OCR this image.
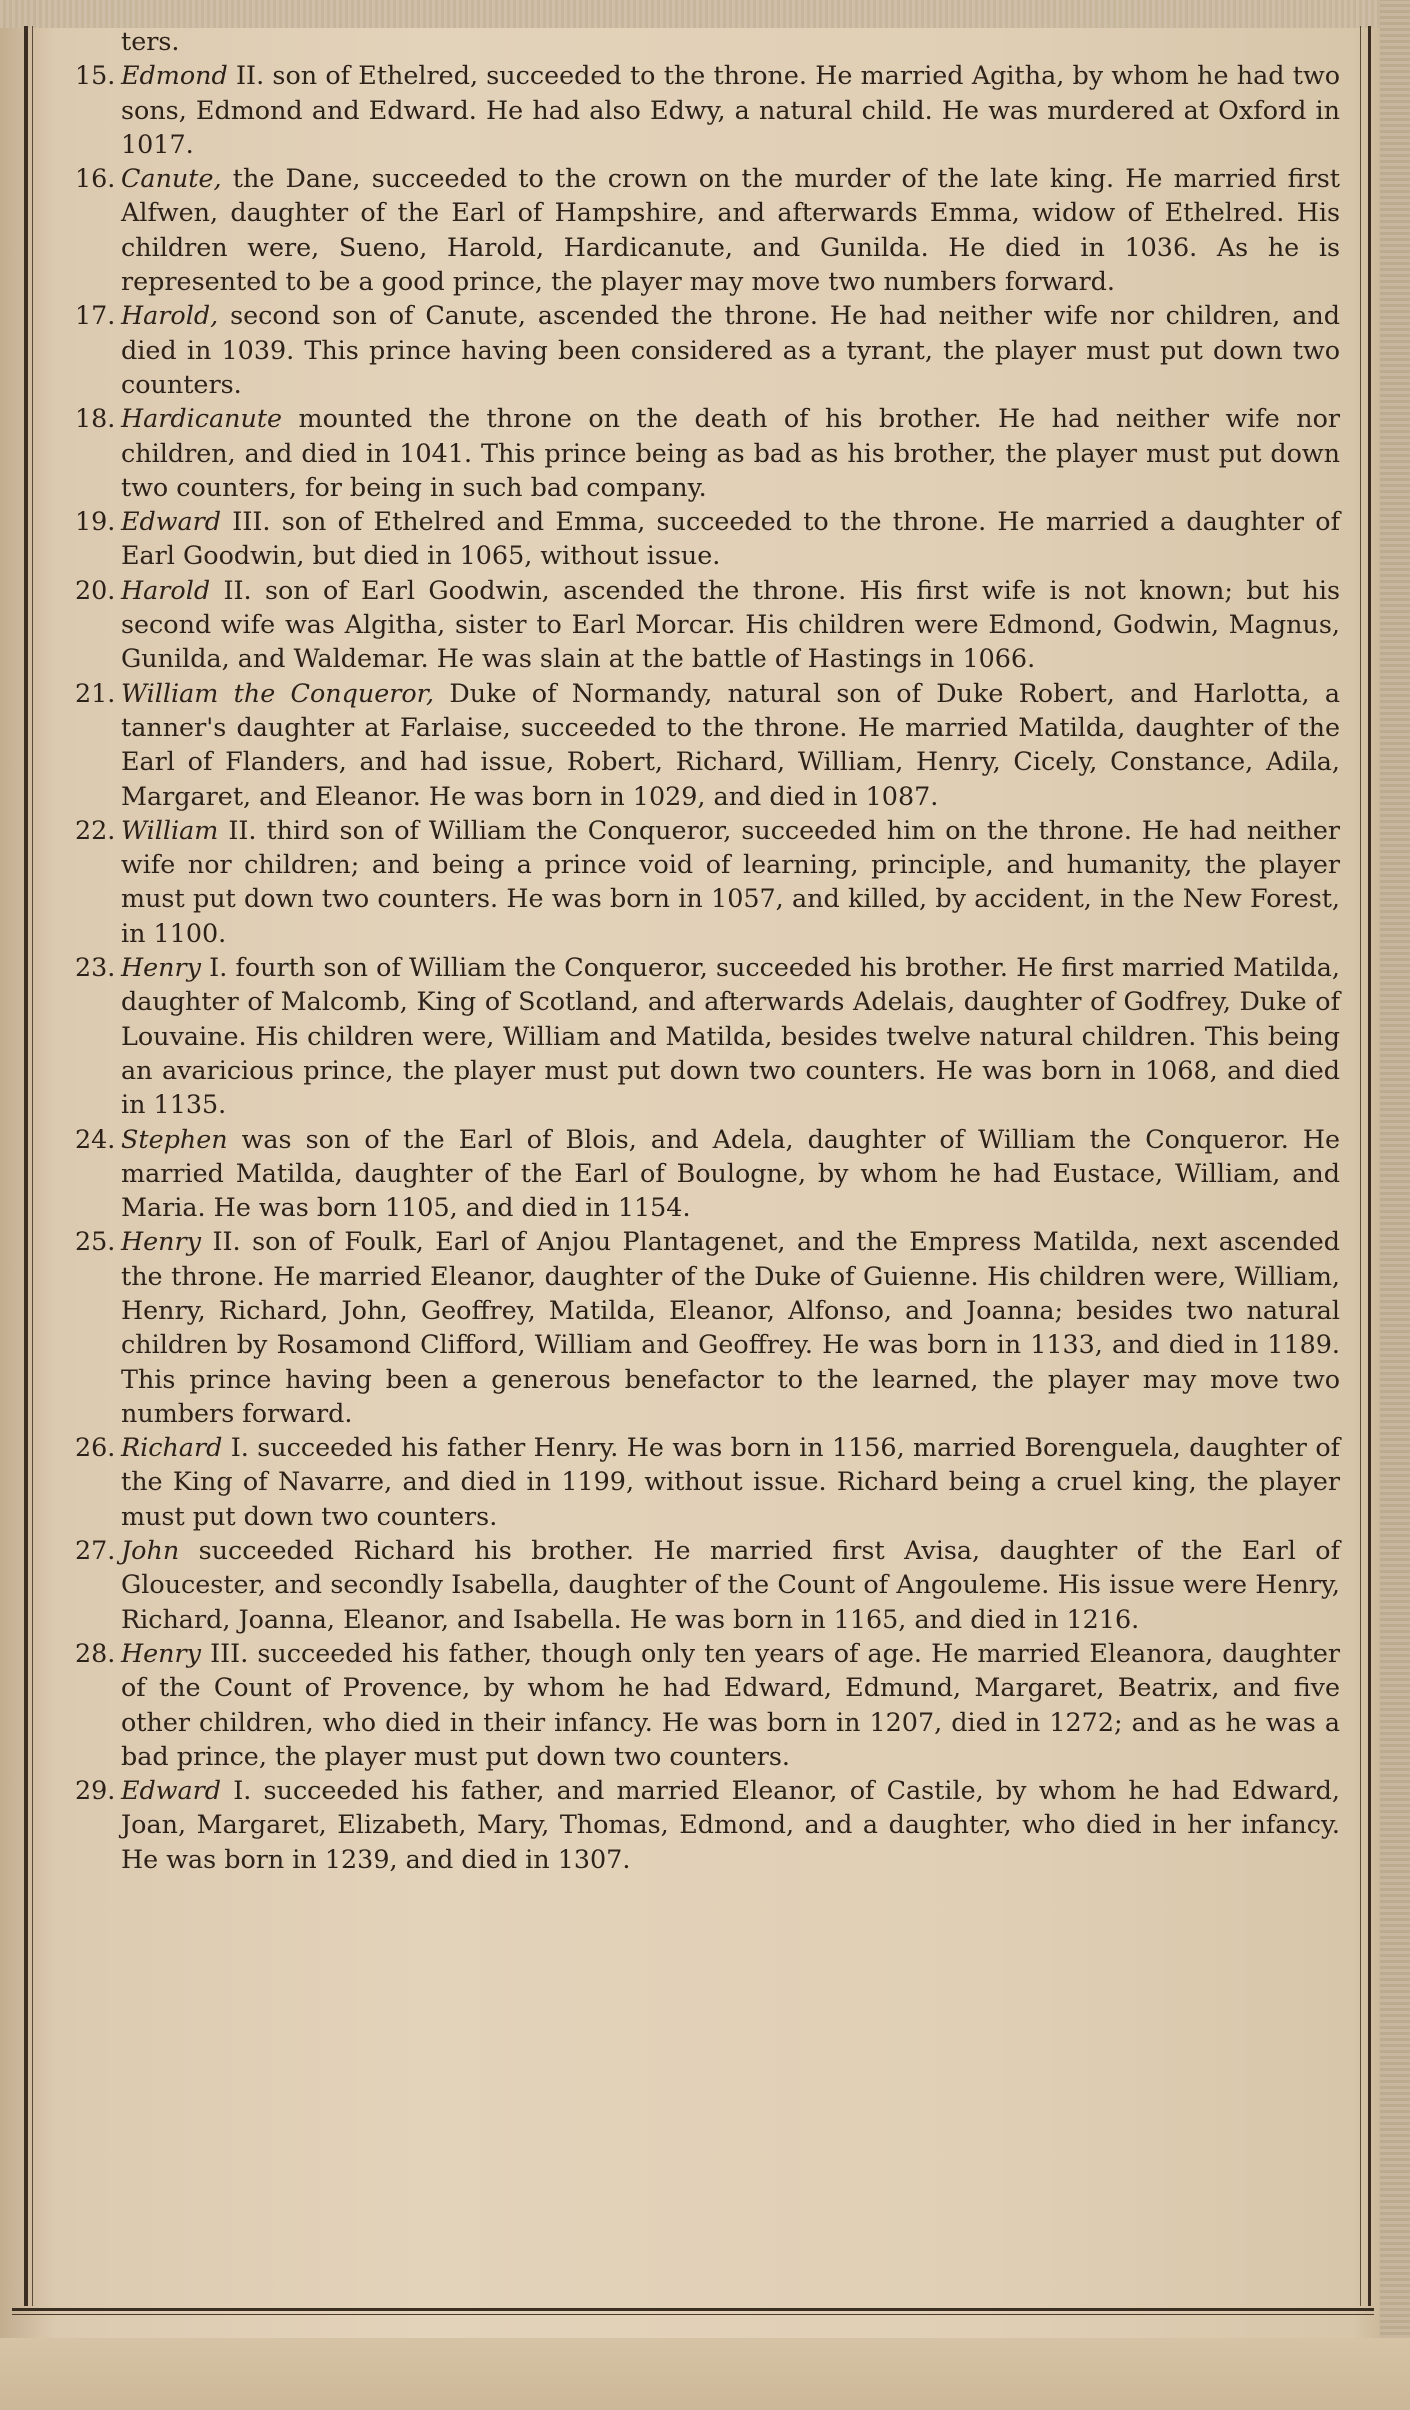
ters.

15. Edmond II. son of Ethelred, succeeded to the throne. He married Agitha, by whom he had two sons, Edmond and Edward. He had also Edwy, a natural child. He was murdered at Oxford in 1017.

16. Canute, the Dane, succeeded to the crown on the murder of the late king. He married first Alfwen, daughter of the Earl of Hampshire, and afterwards Emma, widow of Ethelred. His children were, Sueno, Harold, Hardicanute, and Gunilda. He died in 1036. As he is represented to be a good prince, the player may move two numbers forward.

17. Harold, second son of Canute, ascended the throne. He had neither wife nor children, and died in 1039. This prince having been considered as a tyrant, the player must put down two counters.

18. Hardicanute mounted the throne on the death of his brother. He had neither wife nor children, and died in 1041. This prince being as bad as his brother, the player must put down two counters, for being in such bad company.

19. Edward III. son of Ethelred and Emma, succeeded to the throne. He married a daughter of Earl Goodwin, but died in 1065, without issue.

20. Harold II. son of Earl Goodwin, ascended the throne. His first wife is not known; but his second wife was Algitha, sister to Earl Morcar. His children were Edmond, Godwin, Magnus, Gunilda, and Waldemar. He was slain at the battle of Hastings in 1066.

21. William the Conqueror, Duke of Normandy, natural son of Duke Robert, and Harlotta, a tanner's daughter at Farlaise, succeeded to the throne. He married Matilda, daughter of the Earl of Flanders, and had issue, Robert, Richard, William, Henry, Cicely, Constance, Adila, Margaret, and Eleanor. He was born in 1029, and died in 1087.

22. William II. third son of William the Conqueror, succeeded him on the throne. He had neither wife nor children; and being a prince void of learning, principle, and humanity, the player must put down two counters. He was born in 1057, and killed, by accident, in the New Forest, in 1100.

23. Henry I. fourth son of William the Conqueror, succeeded his brother. He first married Matilda, daughter of Malcomb, King of Scotland, and afterwards Adelais, daughter of Godfrey, Duke of Louvaine. His children were, William and Matilda, besides twelve natural children. This being an avaricious prince, the player must put down two counters. He was born in 1068, and died in 1135.

24. Stephen was son of the Earl of Blois, and Adela, daughter of William the Conqueror. He married Matilda, daughter of the Earl of Boulogne, by whom he had Eustace, William, and Maria. He was born 1105, and died in 1154.

25. Henry II. son of Foulk, Earl of Anjou Plantagenet, and the Empress Matilda, next ascended the throne. He married Eleanor, daughter of the Duke of Guienne. His children were, William, Henry, Richard, John, Geoffrey, Matilda, Eleanor, Alfonso, and Joanna; besides two natural children by Rosamond Clifford, William and Geoffrey. He was born in 1133, and died in 1189. This prince having been a generous benefactor to the learned, the player may move two numbers forward.

26. Richard I. succeeded his father Henry. He was born in 1156, married Borenguela, daughter of the King of Navarre, and died in 1199, without issue. Richard being a cruel king, the player must put down two counters.

27. John succeeded Richard his brother. He married first Avisa, daughter of the Earl of Gloucester, and secondly Isabella, daughter of the Count of Angouleme. His issue were Henry, Richard, Joanna, Eleanor, and Isabella. He was born in 1165, and died in 1216.

28. Henry III. succeeded his father, though only ten years of age. He married Eleanora, daughter of the Count of Provence, by whom he had Edward, Edmund, Margaret, Beatrix, and five other children, who died in their infancy. He was born in 1207, died in 1272; and as he was a bad prince, the player must put down two counters.

29. Edward I. succeeded his father, and married Eleanor, of Castile, by whom he had Edward, Joan, Margaret, Elizabeth, Mary, Thomas, Edmond, and a daughter, who died in her infancy. He was born in 1239, and died in 1307.
